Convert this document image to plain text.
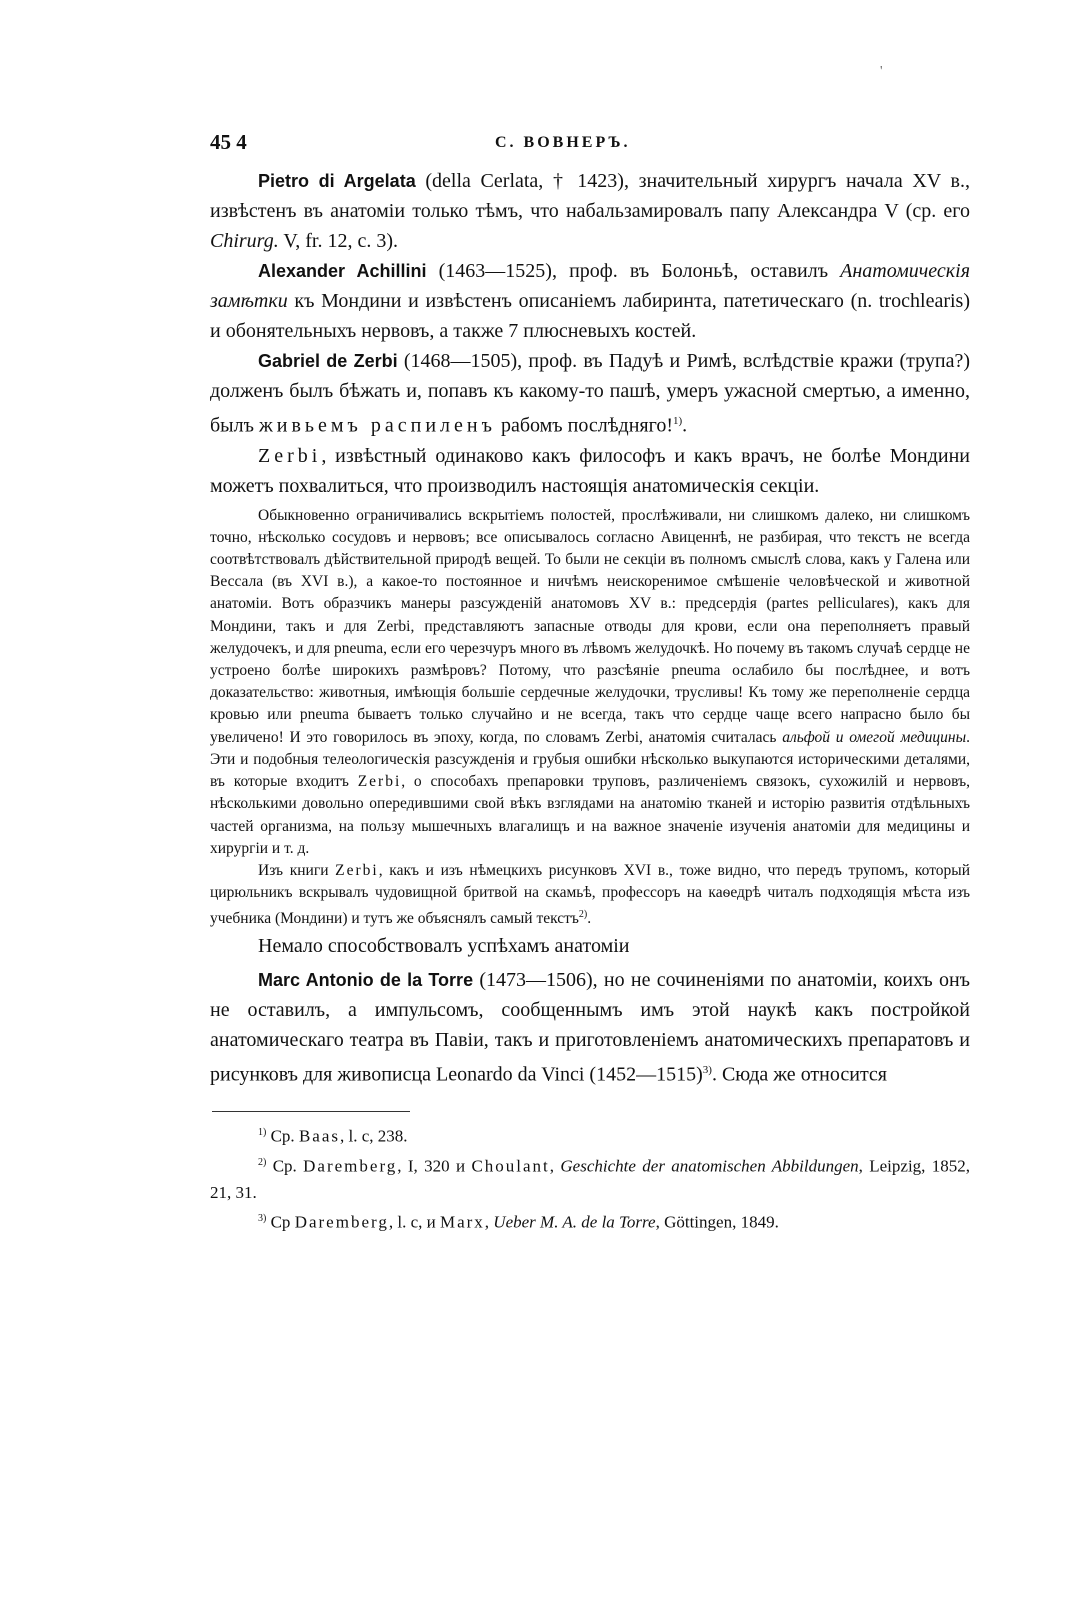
'
45 4	С. ВОВНЕРЪ.

Pietro di Argelata (della Cerlata, † 1423), значительный хирургъ начала XV в., извѣстенъ въ анатоміи только тѣмъ, что набальзамировалъ папу Александра V (ср. его Chirurg. V, fr. 12, c. 3).

Alexander Achillini (1463—1525), проф. въ Болоньѣ, оставилъ Анатомическія замѣтки къ Мондини и извѣстенъ описаніемъ лабиринта, патетическаго (n. trochlearis) и обонятельныхъ нервовъ, а также 7 плюсневыхъ костей.

Gabriel de Zerbi (1468—1505), проф. въ Падуѣ и Римѣ, вслѣдствіе кражи (трупа?) долженъ былъ бѣжать и, попавъ къ какому-то пашѣ, умеръ ужасной смертью, а именно, былъ живьемъ распиленъ рабомъ послѣдняго!$^{1)}$.

Zerbi, извѣстный одинаково какъ философъ и какъ врачъ, не болѣе Мондини можетъ похвалиться, что производилъ настоящія анатомическія секціи.

Обыкновенно ограничивались вскрытіемъ полостей, прослѣживали, ни слишкомъ далеко, ни слишкомъ точно, нѣсколько сосудовъ и нервовъ; все описывалось согласно Авиценнѣ, не разбирая, что текстъ не всегда соотвѣтствовалъ дѣйствительной природѣ вещей. То были не секціи въ полномъ смыслѣ слова, какъ у Галена или Вессала (въ XVI в.), а какое-то постоянное и ничѣмъ неискоренимое смѣшеніе человѣческой и животной анатоміи. Вотъ образчикъ манеры разсужденій анатомовъ XV в.: предсердія (partes pelliculares), какъ для Мондини, такъ и для Zerbi, представляютъ запасные отводы для крови, если она переполняетъ правый желудочекъ, и для pneuma, если его черезчуръ много въ лѣвомъ желудочкѣ. Но почему въ такомъ случаѣ сердце не устроено болѣе широкихъ размѣровъ? Потому, что разсѣяніе pneuma ослабило бы послѣднее, и вотъ доказательство: животныя, имѣющія большіе сердечные желудочки, трусливы! Къ тому же переполненіе сердца кровью или pneuma бываетъ только случайно и не всегда, такъ что сердце чаще всего напрасно было бы увеличено! И это говорилось въ эпоху, когда, по словамъ Zerbi, анатомія считалась альфой и омегой медицины. Эти и подобныя телеологическія разсужденія и грубыя ошибки нѣсколько выкупаются историческими деталями, въ которые входитъ Zerbi, о способахъ препаровки труповъ, различеніемъ связокъ, сухожилій и нервовъ, нѣсколькими довольно опередившими свой вѣкъ взглядами на анатомію тканей и исторію развитія отдѣльныхъ частей организма, на пользу мышечныхъ влагалищъ и на важное значеніе изученія анатоміи для медицины и хирургіи и т. д.

Изъ книги Zerbi, какъ и изъ нѣмецкихъ рисунковъ XVI в., тоже видно, что передъ трупомъ, который цирюльникъ вскрывалъ чудовищной бритвой на скамьѣ, профессоръ на каѳедрѣ читалъ подходящія мѣста изъ учебника (Мондини) и тутъ же объяснялъ самый текстъ$^{2)}$.

Немало способствовалъ успѣхамъ анатоміи

Marc Antonio de la Torre (1473—1506), но не сочиненіями по анатоміи, коихъ онъ не оставилъ, а импульсомъ, сообщеннымъ имъ этой наукѣ какъ постройкой анатомическаго театра въ Павіи, такъ и приготовленіемъ анатомическихъ препаратовъ и рисунковъ для живописца Leonardo da Vinci (1452—1515)$^{3)}$. Сюда же относится

$^{1)}$ Ср. Baas, l. c, 238.

$^{2)}$ Ср. Daremberg, I, 320 и Choulant, Geschichte der anatomischen Abbildungen, Leipzig, 1852, 21, 31.

$^{3)}$ Ср Daremberg, l. c, и Marx, Ueber M. A. de la Torre, Göttingen, 1849.
